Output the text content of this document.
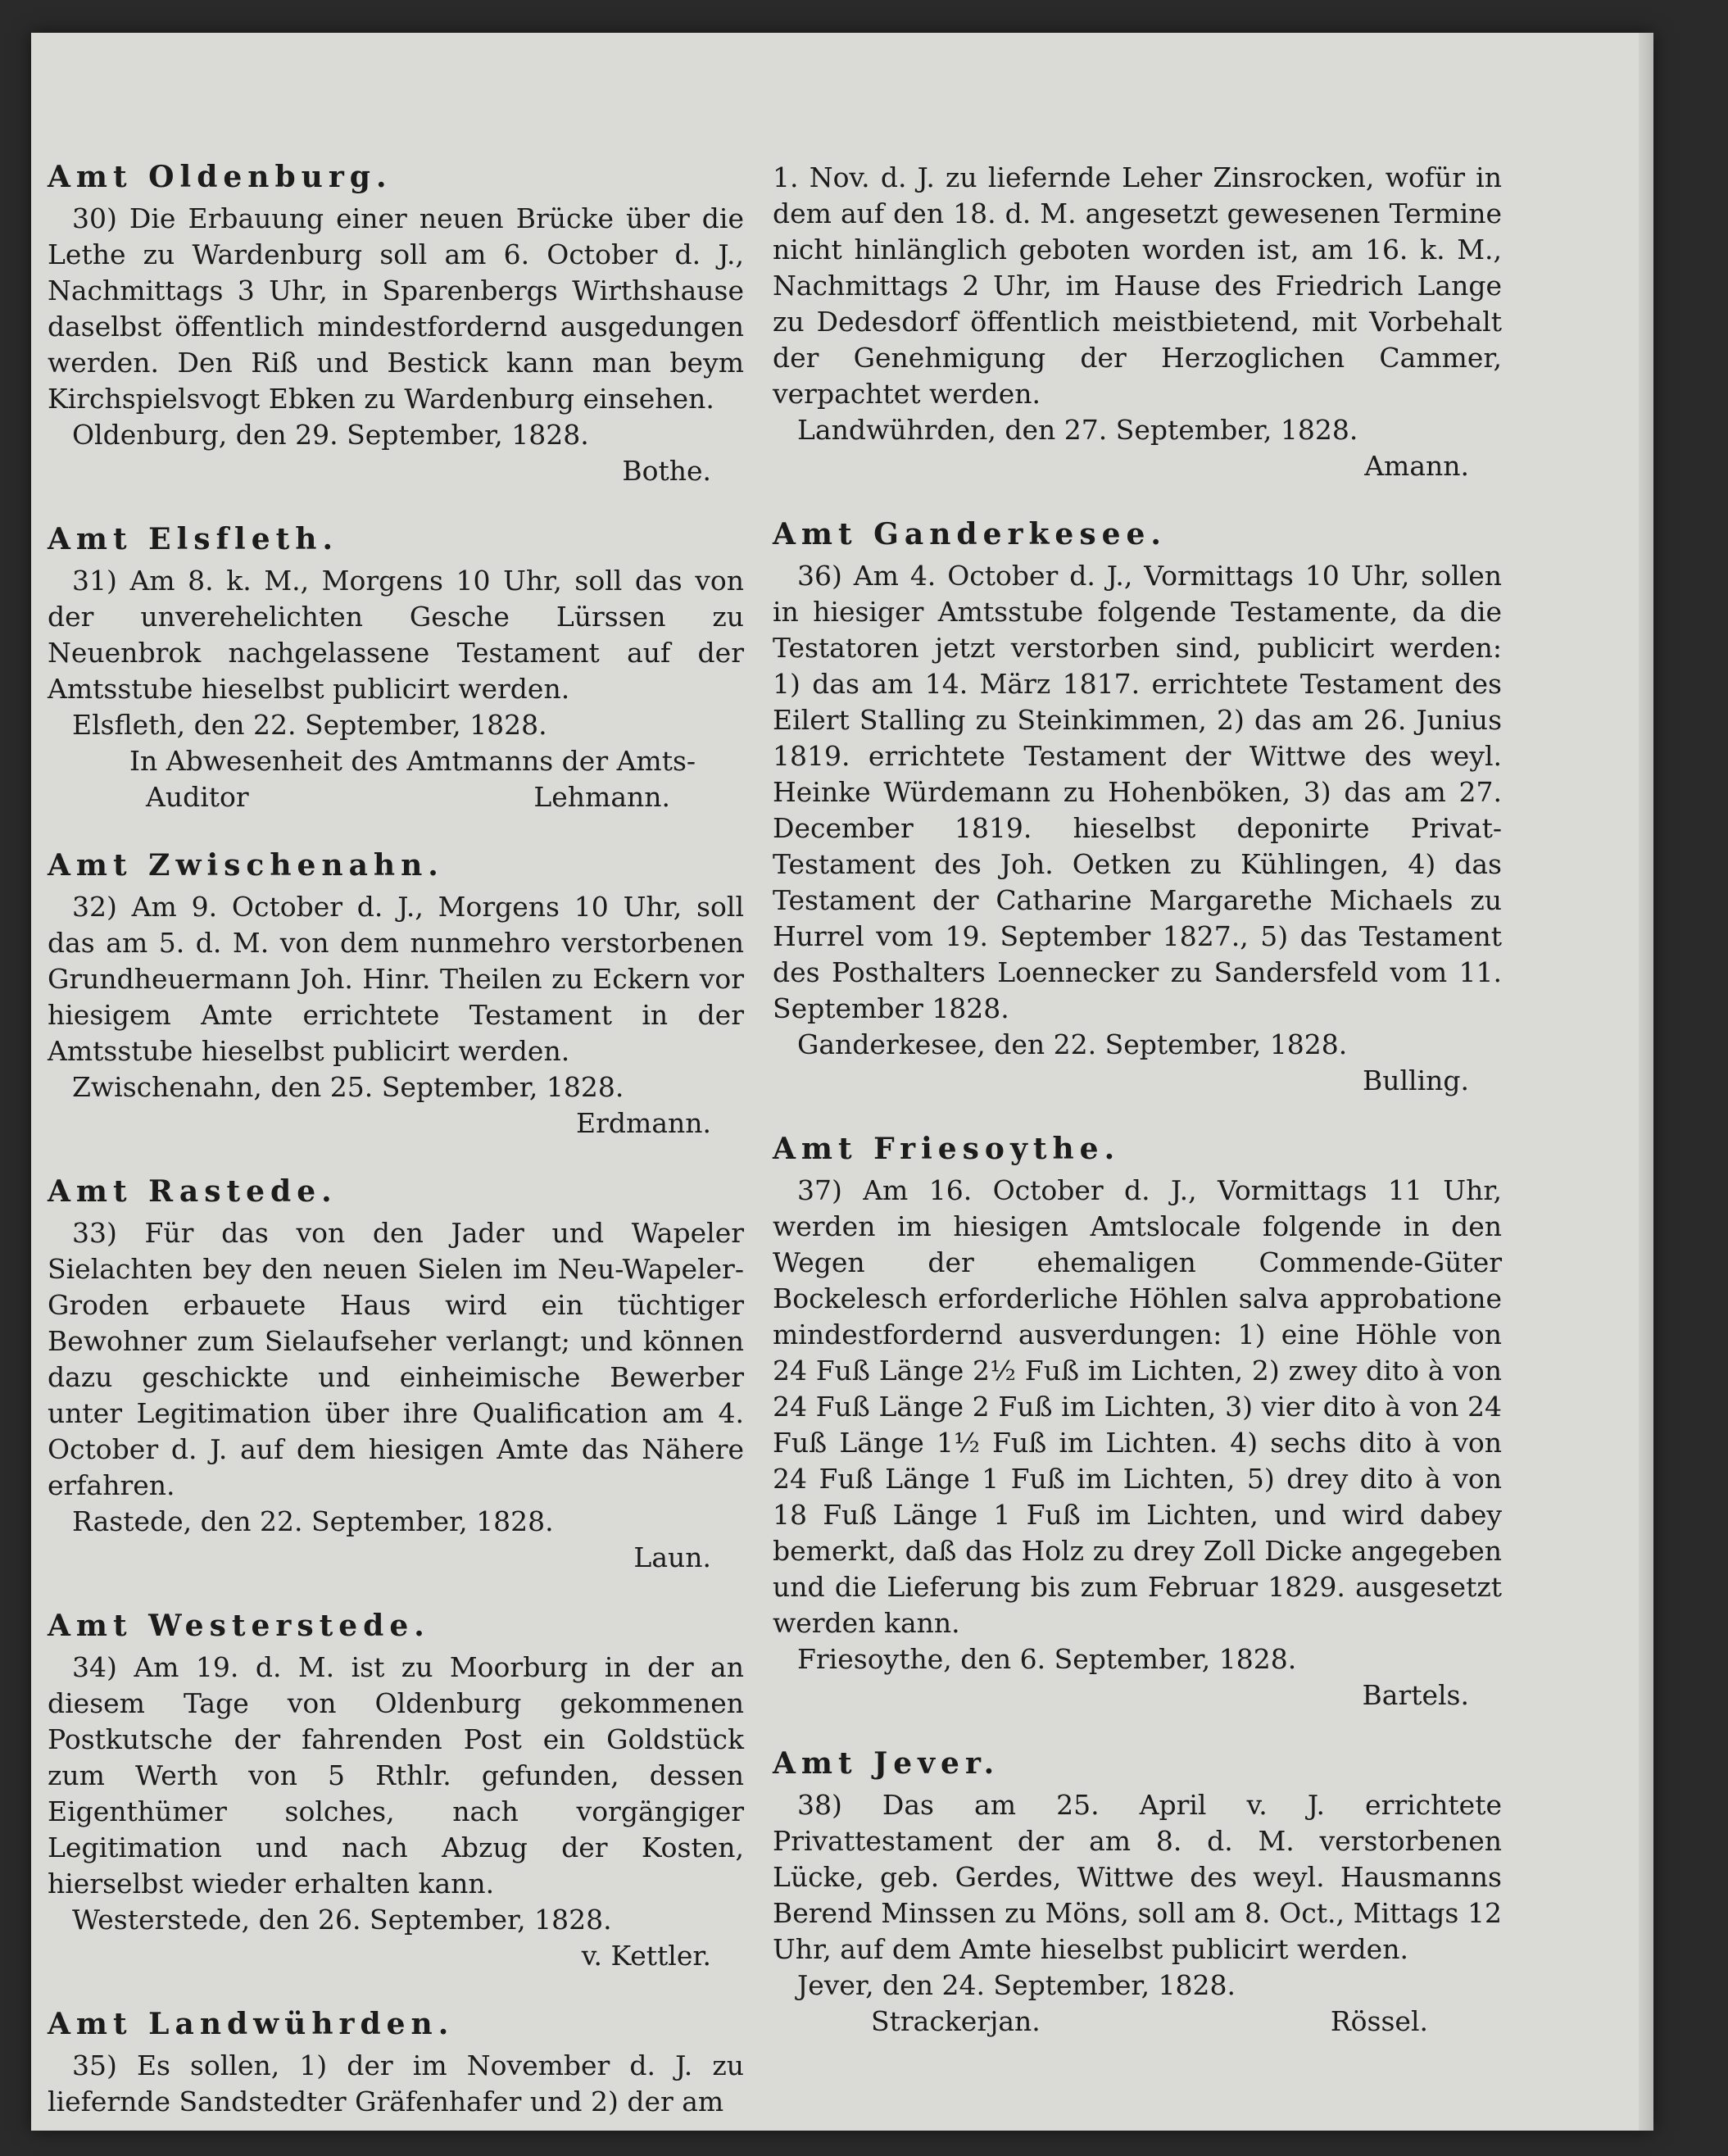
Amt Oldenburg.

30) Die Erbauung einer neuen Brücke über die Lethe zu Wardenburg soll am 6. October d. J., Nachmittags 3 Uhr, in Sparenbergs Wirthshause daselbst öffentlich mindestfordernd ausgedungen werden. Den Riß und Bestick kann man beym Kirchspielsvogt Ebken zu Wardenburg einsehen.

Oldenburg, den 29. September, 1828.

Bothe.

Amt Elsfleth.

31) Am 8. k. M., Morgens 10 Uhr, soll das von der unverehelichten Gesche Lürssen zu Neuenbrok nachgelassene Testament auf der Amtsstube hieselbst publicirt werden.

Elsfleth, den 22. September, 1828.

In Abwesenheit des Amtmanns der Amts-

Auditor	Lehmann.

Amt Zwischenahn.

32) Am 9. October d. J., Morgens 10 Uhr, soll das am 5. d. M. von dem nunmehro verstorbenen Grundheuermann Joh. Hinr. Theilen zu Eckern vor hiesigem Amte errichtete Testament in der Amtsstube hieselbst publicirt werden.

Zwischenahn, den 25. September, 1828.

Erdmann.

Amt Rastede.

33) Für das von den Jader und Wapeler Sielachten bey den neuen Sielen im Neu-Wapeler-Groden erbauete Haus wird ein tüchtiger Bewohner zum Sielaufseher verlangt; und können dazu geschickte und einheimische Bewerber unter Legitimation über ihre Qualification am 4. October d. J. auf dem hiesigen Amte das Nähere erfahren.

Rastede, den 22. September, 1828.

Laun.

Amt Westerstede.

34) Am 19. d. M. ist zu Moorburg in der an diesem Tage von Oldenburg gekommenen Postkutsche der fahrenden Post ein Goldstück zum Werth von 5 Rthlr. gefunden, dessen Eigenthümer solches, nach vorgängiger Legitimation und nach Abzug der Kosten, hierselbst wieder erhalten kann.

Westerstede, den 26. September, 1828.

v. Kettler.

Amt Landwührden.

35) Es sollen, 1) der im November d. J. zu liefernde Sandstedter Gräfenhafer und 2) der am

1. Nov. d. J. zu liefernde Leher Zinsrocken, wofür in dem auf den 18. d. M. angesetzt gewesenen Termine nicht hinlänglich geboten worden ist, am 16. k. M., Nachmittags 2 Uhr, im Hause des Friedrich Lange zu Dedesdorf öffentlich meistbietend, mit Vorbehalt der Genehmigung der Herzoglichen Cammer, verpachtet werden.

Landwührden, den 27. September, 1828.

Amann.

Amt Ganderkesee.

36) Am 4. October d. J., Vormittags 10 Uhr, sollen in hiesiger Amtsstube folgende Testamente, da die Testatoren jetzt verstorben sind, publicirt werden: 1) das am 14. März 1817. errichtete Testament des Eilert Stalling zu Steinkimmen, 2) das am 26. Junius 1819. errichtete Testament der Wittwe des weyl. Heinke Würdemann zu Hohenböken, 3) das am 27. December 1819. hieselbst deponirte Privat-Testament des Joh. Oetken zu Kühlingen, 4) das Testament der Catharine Margarethe Michaels zu Hurrel vom 19. September 1827., 5) das Testament des Posthalters Loennecker zu Sandersfeld vom 11. September 1828.

Ganderkesee, den 22. September, 1828.

Bulling.

Amt Friesoythe.

37) Am 16. October d. J., Vormittags 11 Uhr, werden im hiesigen Amtslocale folgende in den Wegen der ehemaligen Commende-Güter Bockelesch erforderliche Höhlen salva approbatione mindestfordernd ausverdungen: 1) eine Höhle von 24 Fuß Länge 2½ Fuß im Lichten, 2) zwey dito à von 24 Fuß Länge 2 Fuß im Lichten, 3) vier dito à von 24 Fuß Länge 1½ Fuß im Lichten. 4) sechs dito à von 24 Fuß Länge 1 Fuß im Lichten, 5) drey dito à von 18 Fuß Länge 1 Fuß im Lichten, und wird dabey bemerkt, daß das Holz zu drey Zoll Dicke angegeben und die Lieferung bis zum Februar 1829. ausgesetzt werden kann.

Friesoythe, den 6. September, 1828.

Bartels.

Amt Jever.

38) Das am 25. April v. J. errichtete Privattestament der am 8. d. M. verstorbenen Lücke, geb. Gerdes, Wittwe des weyl. Hausmanns Berend Minssen zu Möns, soll am 8. Oct., Mittags 12 Uhr, auf dem Amte hieselbst publicirt werden.

Jever, den 24. September, 1828.

Strackerjan.	Rössel.
